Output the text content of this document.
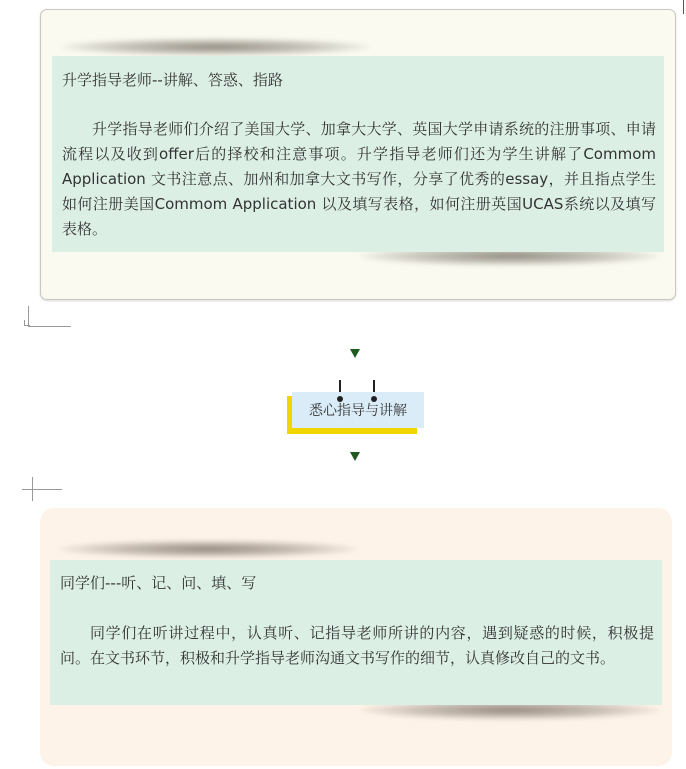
升学指导老师--讲解、答惑、指路
升学指导老师们介绍了美国大学、加拿大大学、英国大学申请系统的注册事项、申请流程以及收到offer后的择校和注意事项。升学指导老师们还为学生讲解了Commom Application 文书注意点、加州和加拿大文书写作，分享了优秀的essay，并且指点学生如何注册美国Commom Application 以及填写表格，如何注册英国UCAS系统以及填写表格。
悉心指导与讲解
同学们---听、记、问、填、写
同学们在听讲过程中，认真听、记指导老师所讲的内容，遇到疑惑的时候，积极提问。在文书环节，积极和升学指导老师沟通文书写作的细节，认真修改自己的文书。
